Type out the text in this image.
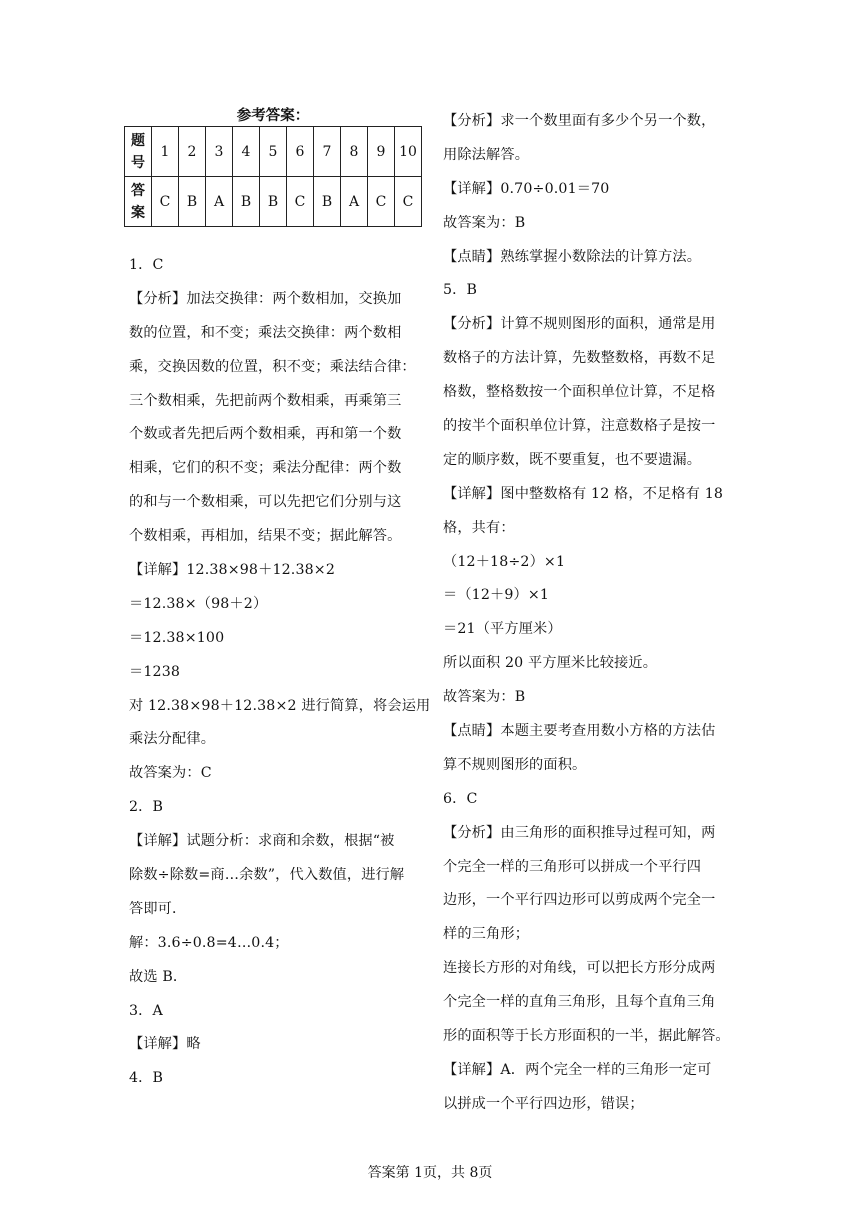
参考答案：
题
号	1	2	3	4	5	6	7	8	9	10
答
案	C	B	A	B	B	C	B	A	C	C
1．C
【分析】加法交换律：两个数相加，交换加
数的位置，和不变；乘法交换律：两个数相
乘，交换因数的位置，积不变；乘法结合律：
三个数相乘，先把前两个数相乘，再乘第三
个数或者先把后两个数相乘，再和第一个数
相乘，它们的积不变；乘法分配律：两个数
的和与一个数相乘，可以先把它们分别与这
个数相乘，再相加，结果不变；据此解答。
【详解】12.38×98＋12.38×2
＝12.38×（98＋2）
＝12.38×100
＝1238
对 12.38×98＋12.38×2 进行简算，将会运用
乘法分配律。
故答案为：C
2．B
【详解】试题分析：求商和余数，根据“被
除数÷除数=商…余数”，代入数值，进行解
答即可．
解：3.6÷0.8=4…0.4；
故选 B．
3．A
【详解】略
4．B
【分析】求一个数里面有多少个另一个数，
用除法解答。
【详解】0.70÷0.01＝70
故答案为：B
【点睛】熟练掌握小数除法的计算方法。
5．B
【分析】计算不规则图形的面积，通常是用
数格子的方法计算，先数整数格，再数不足
格数，整格数按一个面积单位计算，不足格
的按半个面积单位计算，注意数格子是按一
定的顺序数，既不要重复，也不要遗漏。
【详解】图中整数格有 12 格，不足格有 18
格，共有：
（12＋18÷2）×1
＝（12＋9）×1
＝21（平方厘米）
所以面积 20 平方厘米比较接近。
故答案为：B
【点睛】本题主要考查用数小方格的方法估
算不规则图形的面积。
6．C
【分析】由三角形的面积推导过程可知，两
个完全一样的三角形可以拼成一个平行四
边形，一个平行四边形可以剪成两个完全一
样的三角形；
连接长方形的对角线，可以把长方形分成两
个完全一样的直角三角形，且每个直角三角
形的面积等于长方形面积的一半，据此解答。
【详解】A．两个完全一样的三角形一定可
以拼成一个平行四边形，错误；
答案第 1页，共 8页
